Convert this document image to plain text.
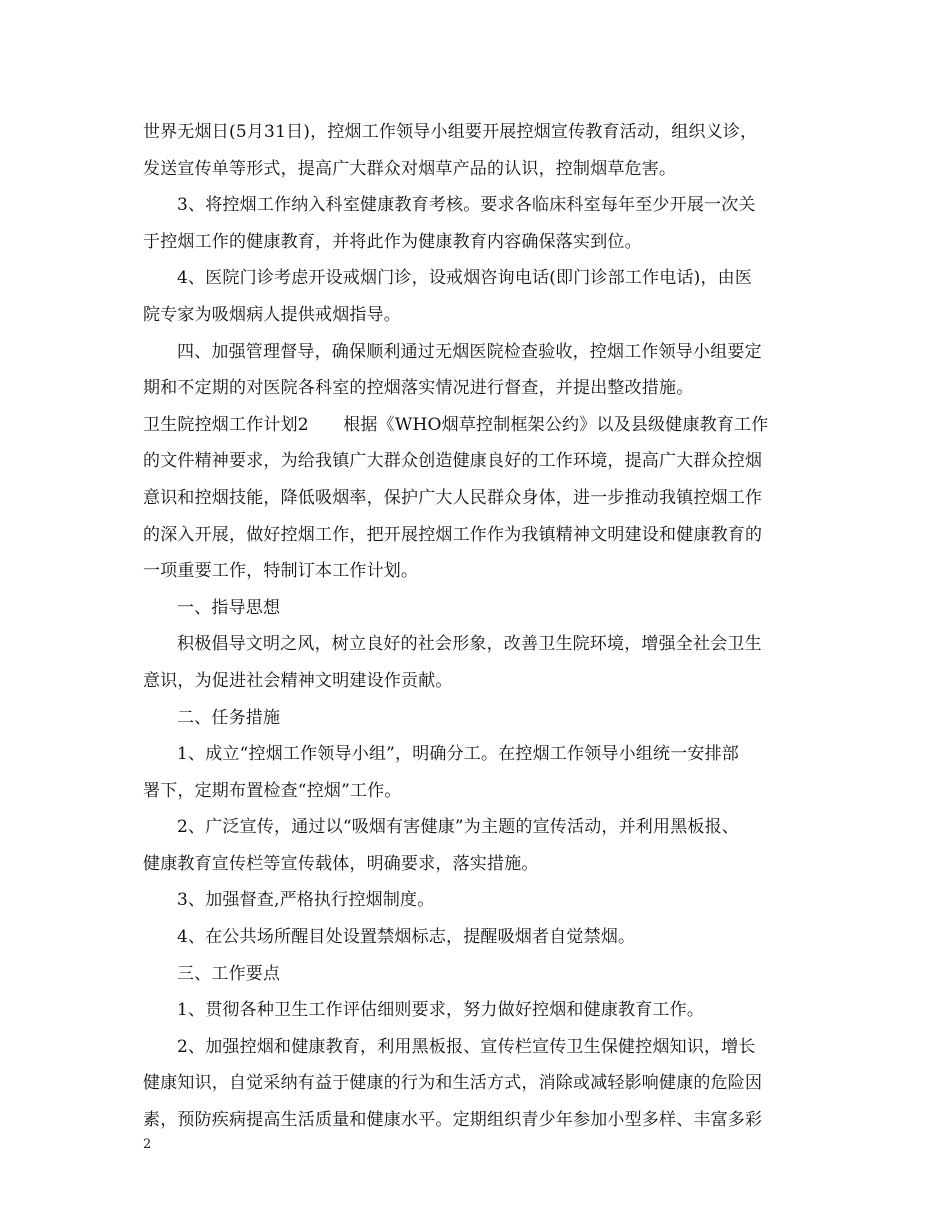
世界无烟日(5月31日)，控烟工作领导小组要开展控烟宣传教育活动，组织义诊，
发送宣传单等形式，提高广大群众对烟草产品的认识，控制烟草危害。
3、将控烟工作纳入科室健康教育考核。要求各临床科室每年至少开展一次关
于控烟工作的健康教育，并将此作为健康教育内容确保落实到位。
4、医院门诊考虑开设戒烟门诊，设戒烟咨询电话(即门诊部工作电话)，由医
院专家为吸烟病人提供戒烟指导。
四、加强管理督导，确保顺利通过无烟医院检查验收，控烟工作领导小组要定
期和不定期的对医院各科室的控烟落实情况进行督查，并提出整改措施。
卫生院控烟工作计划2　　根据《WHO烟草控制框架公约》以及县级健康教育工作
的文件精神要求，为给我镇广大群众创造健康良好的工作环境，提高广大群众控烟
意识和控烟技能，降低吸烟率，保护广大人民群众身体，进一步推动我镇控烟工作
的深入开展，做好控烟工作，把开展控烟工作作为我镇精神文明建设和健康教育的
一项重要工作，特制订本工作计划。
一、指导思想
积极倡导文明之风，树立良好的社会形象，改善卫生院环境，增强全社会卫生
意识，为促进社会精神文明建设作贡献。
二、任务措施
1、成立“控烟工作领导小组”，明确分工。在控烟工作领导小组统一安排部
署下，定期布置检查“控烟”工作。
2、广泛宣传，通过以“吸烟有害健康”为主题的宣传活动，并利用黑板报、
健康教育宣传栏等宣传载体，明确要求，落实措施。
3、加强督查,严格执行控烟制度。
4、在公共场所醒目处设置禁烟标志，提醒吸烟者自觉禁烟。
三、工作要点
1、贯彻各种卫生工作评估细则要求，努力做好控烟和健康教育工作。
2、加强控烟和健康教育，利用黑板报、宣传栏宣传卫生保健控烟知识，增长
健康知识，自觉采纳有益于健康的行为和生活方式，消除或减轻影响健康的危险因
素，预防疾病提高生活质量和健康水平。定期组织青少年参加小型多样、丰富多彩
2
